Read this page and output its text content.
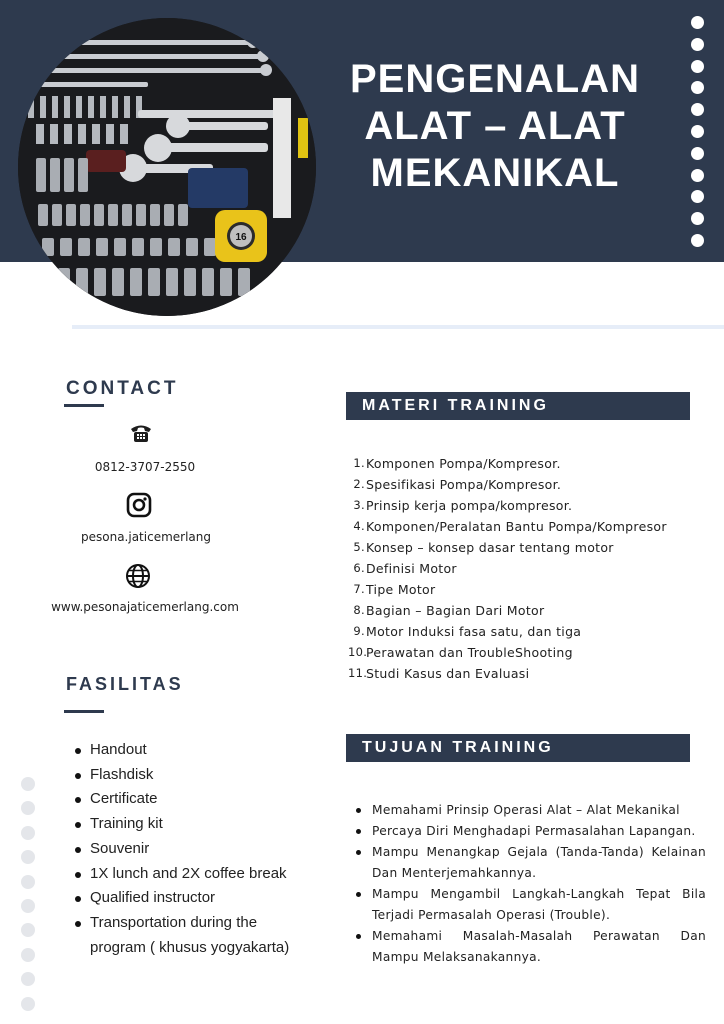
16
PENGENALAN
ALAT – ALAT
MEKANIKAL
CONTACT
0812-3707-2550
pesona.jaticemerlang
www.pesonajaticemerlang.com
FASILITAS
Handout
Flashdisk
Certificate
Training kit
Souvenir
1X lunch and 2X coffee break
Qualified instructor
Transportation during the program ( khusus yogyakarta)
MATERI TRAINING
1. Komponen Pompa/Kompresor.
2. Spesifikasi Pompa/Kompresor.
3. Prinsip kerja pompa/kompresor.
4. Komponen/Peralatan Bantu Pompa/Kompresor
5. Konsep – konsep dasar tentang motor
6. Definisi Motor
7. Tipe Motor
8. Bagian – Bagian Dari Motor
9. Motor Induksi fasa satu, dan tiga
10.
Perawatan dan TroubleShooting
11.
Studi Kasus dan Evaluasi
TUJUAN TRAINING
Memahami Prinsip Operasi Alat – Alat Mekanikal
Percaya Diri Menghadapi Permasalahan Lapangan.
Mampu Menangkap Gejala (Tanda-Tanda) Kelainan Dan Menterjemahkannya.
Mampu Mengambil Langkah-Langkah Tepat Bila Terjadi Permasalah Operasi (Trouble).
Memahami Masalah-Masalah Perawatan Dan Mampu Melaksanakannya.
